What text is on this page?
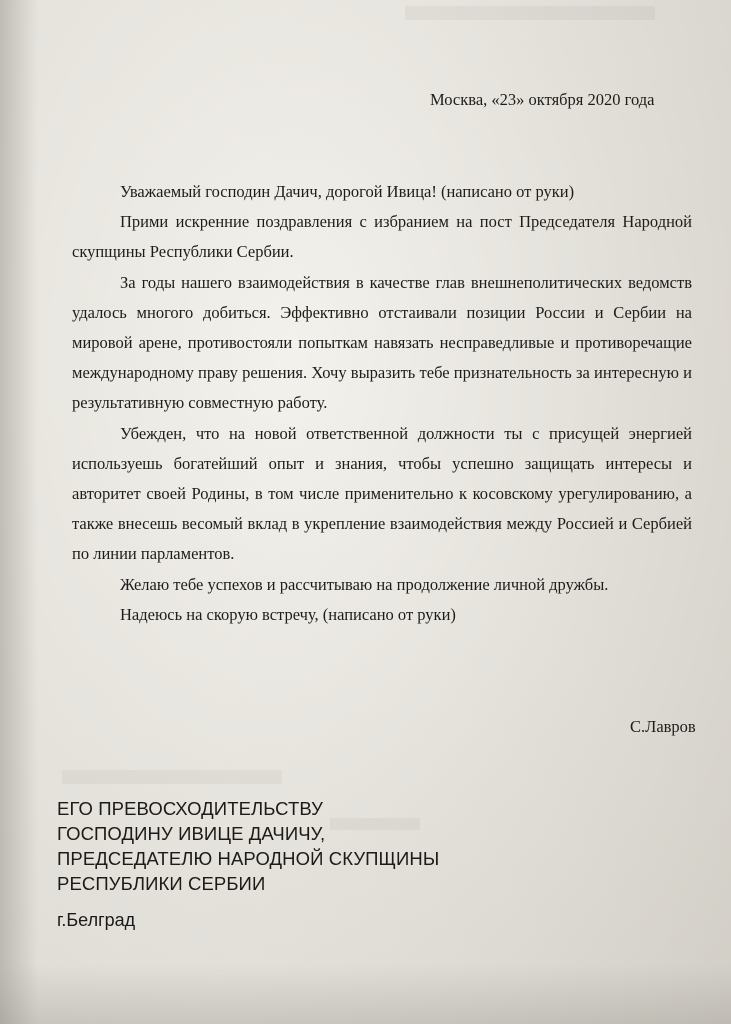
Москва, «23» октября 2020 года

Уважаемый господин Дачич, дорогой Ивица! (написано от руки)

Прими искренние поздравления с избранием на пост Председателя Народной скупщины Республики Сербии.

За годы нашего взаимодействия в качестве глав внешнеполитических ведомств удалось многого добиться. Эффективно отстаивали позиции России и Сербии на мировой арене, противостояли попыткам навязать несправедливые и противоречащие международному праву решения. Хочу выразить тебе признательность за интересную и результативную совместную работу.

Убежден, что на новой ответственной должности ты с присущей энергией используешь богатейший опыт и знания, чтобы успешно защищать интересы и авторитет своей Родины, в том числе применительно к косовскому урегулированию, а также внесешь весомый вклад в укрепление взаимодействия между Россией и Сербией по линии парламентов.

Желаю тебе успехов и рассчитываю на продолжение личной дружбы.

Надеюсь на скорую встречу, (написано от руки)

С.Лавров
ЕГО ПРЕВОСХОДИТЕЛЬСТВУ
ГОСПОДИНУ ИВИЦЕ ДАЧИЧУ,
ПРЕДСЕДАТЕЛЮ НАРОДНОЙ СКУПЩИНЫ
РЕСПУБЛИКИ СЕРБИИ
г.Белград
